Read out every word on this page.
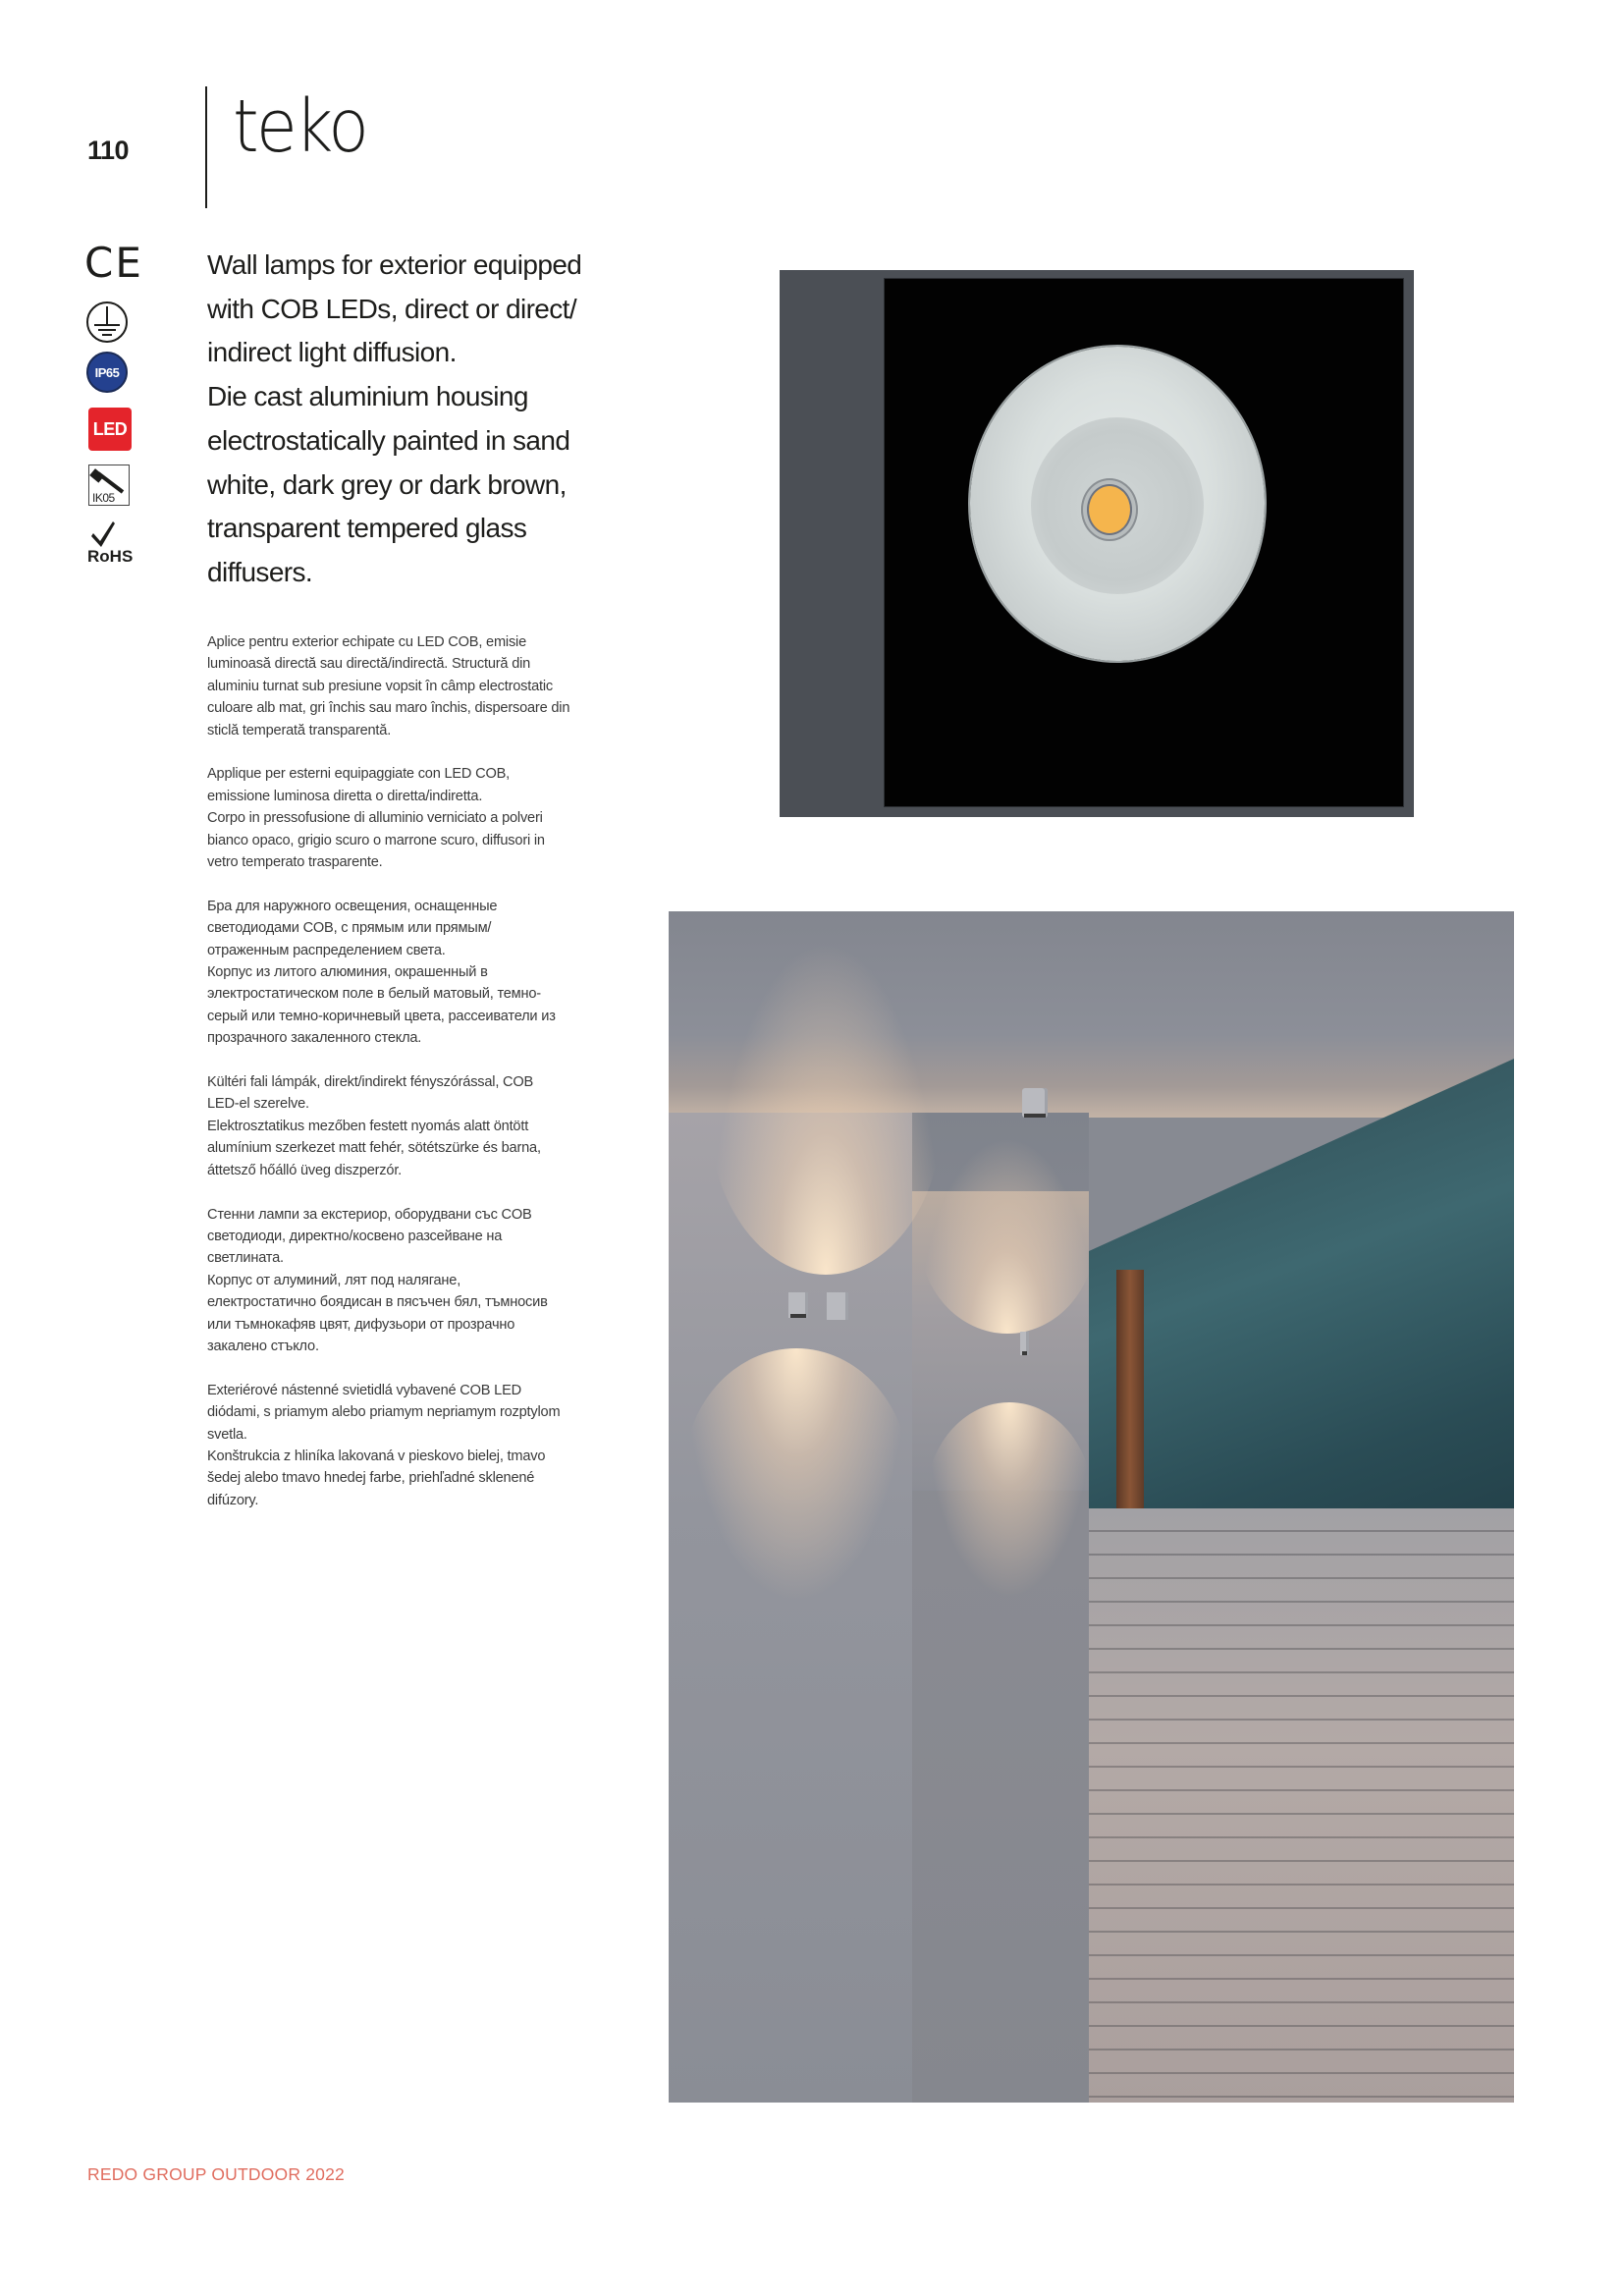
110 teko
CE
IP65
LED
IK05
RoHS

Wall lamps for exterior equipped

with COB LEDs, direct or direct/

indirect light diffusion.

Die cast aluminium housing

electrostatically painted in sand

white, dark grey or dark brown,

transparent tempered glass

diffusers.

Aplice pentru exterior echipate cu LED COB, emisie
luminoasă directă sau directă/indirectă. Structură din
aluminiu turnat sub presiune vopsit în câmp electrostatic
culoare alb mat, gri închis sau maro închis, dispersoare din
sticlă temperată transparentă.

Applique per esterni equipaggiate con LED COB,
emissione luminosa diretta o diretta/indiretta.
Corpo in pressofusione di alluminio verniciato a polveri
bianco opaco, grigio scuro o marrone scuro, diffusori in
vetro temperato trasparente.

Бра для наружного освещения, оснащенные
светодиодами COB, с прямым или прямым/
отраженным распределением света.
Корпус из литого алюминия, окрашенный в
электростатическом поле в белый матовый, темно-
серый или темно-коричневый цвета, рассеиватели из
прозрачного закаленного стекла.

Kültéri fali lámpák, direkt/indirekt fényszórással, COB
LED-el szerelve.
Elektrosztatikus mezőben festett nyomás alatt öntött
alumínium szerkezet matt fehér, sötétszürke és barna,
áttetsző hőálló üveg diszperzór.

Стенни лампи за екстериор, оборудвани със COB
светодиоди, директно/косвено разсейване на
светлината.
Корпус от алуминий, лят под налягане,
електростатично боядисан в пясъчен бял, тъмносив
или тъмнокафяв цвят, дифузьори от прозрачно
закалено стъкло.

Exteriérové nástenné svietidlá vybavené COB LED
diódami, s priamym alebo priamym nepriamym rozptylom
svetla.
Konštrukcia z hliníka lakovaná v pieskovo bielej, tmavo
šedej alebo tmavo hnedej farbe, priehľadné sklenené
difúzory.

REDO GROUP OUTDOOR 2022
